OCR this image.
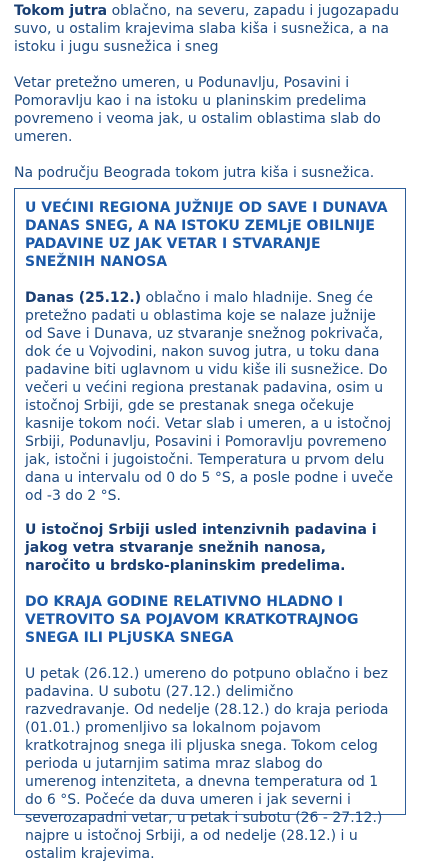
Tokom jutra oblačno, na severu, zapadu i jugozapadu suvo, u ostalim krajevima slaba kiša i susnežica, a na istoku i jugu susnežica i sneg

Vetar pretežno umeren, u Podunavlju, Posavini i Pomoravlju kao i na istoku u planinskim predelima povremeno i veoma jak, u ostalim oblastima slab do umeren.

Na području Beograda tokom jutra kiša i susnežica.

U VEĆINI REGIONA JUŽNIJE OD SAVE I DUNAVA DANAS SNEG, A NA ISTOKU ZEMLjE OBILNIJE PADAVINE UZ JAK VETAR I STVARANJE SNEŽNIH NANOSA

Danas (25.12.) oblačno i malo hladnije. Sneg će pretežno padati u oblastima koje se nalaze južnije od Save i Dunava, uz stvaranje snežnog pokrivača, dok će u Vojvodini, nakon suvog jutra, u toku dana padavine biti uglavnom u vidu kiše ili susnežice. Do večeri u većini regiona prestanak padavina, osim u istočnoj Srbiji, gde se prestanak snega očekuje kasnije tokom noći. Vetar slab i umeren, a u istočnoj Srbiji, Podunavlju, Posavini i Pomoravlju povremeno jak, istočni i jugoistočni. Temperatura u prvom delu dana u intervalu od 0 do 5 °S, a posle podne i uveče od -3 do 2 °S.

U istočnoj Srbiji usled intenzivnih padavina i jakog vetra stvaranje snežnih nanosa, naročito u brdsko-planinskim predelima.

DO KRAJA GODINE RELATIVNO HLADNO I VETROVITO SA POJAVOM KRATKOTRAJNOG SNEGA ILI PLjUSKA SNEGA

U petak (26.12.) umereno do potpuno oblačno i bez padavina. U subotu (27.12.) delimično razvedravanje. Od nedelje (28.12.) do kraja perioda (01.01.) promenljivo sa lokalnom pojavom kratkotrajnog snega ili pljuska snega. Tokom celog perioda u jutarnjim satima mraz slabog do umerenog intenziteta, a dnevna temperatura od 1 do 6 °S. Počeće da duva umeren i jak severni i severozapadni vetar, u petak i subotu (26 - 27.12.) najpre u istočnoj Srbiji, a od nedelje (28.12.) i u ostalim krajevima.
